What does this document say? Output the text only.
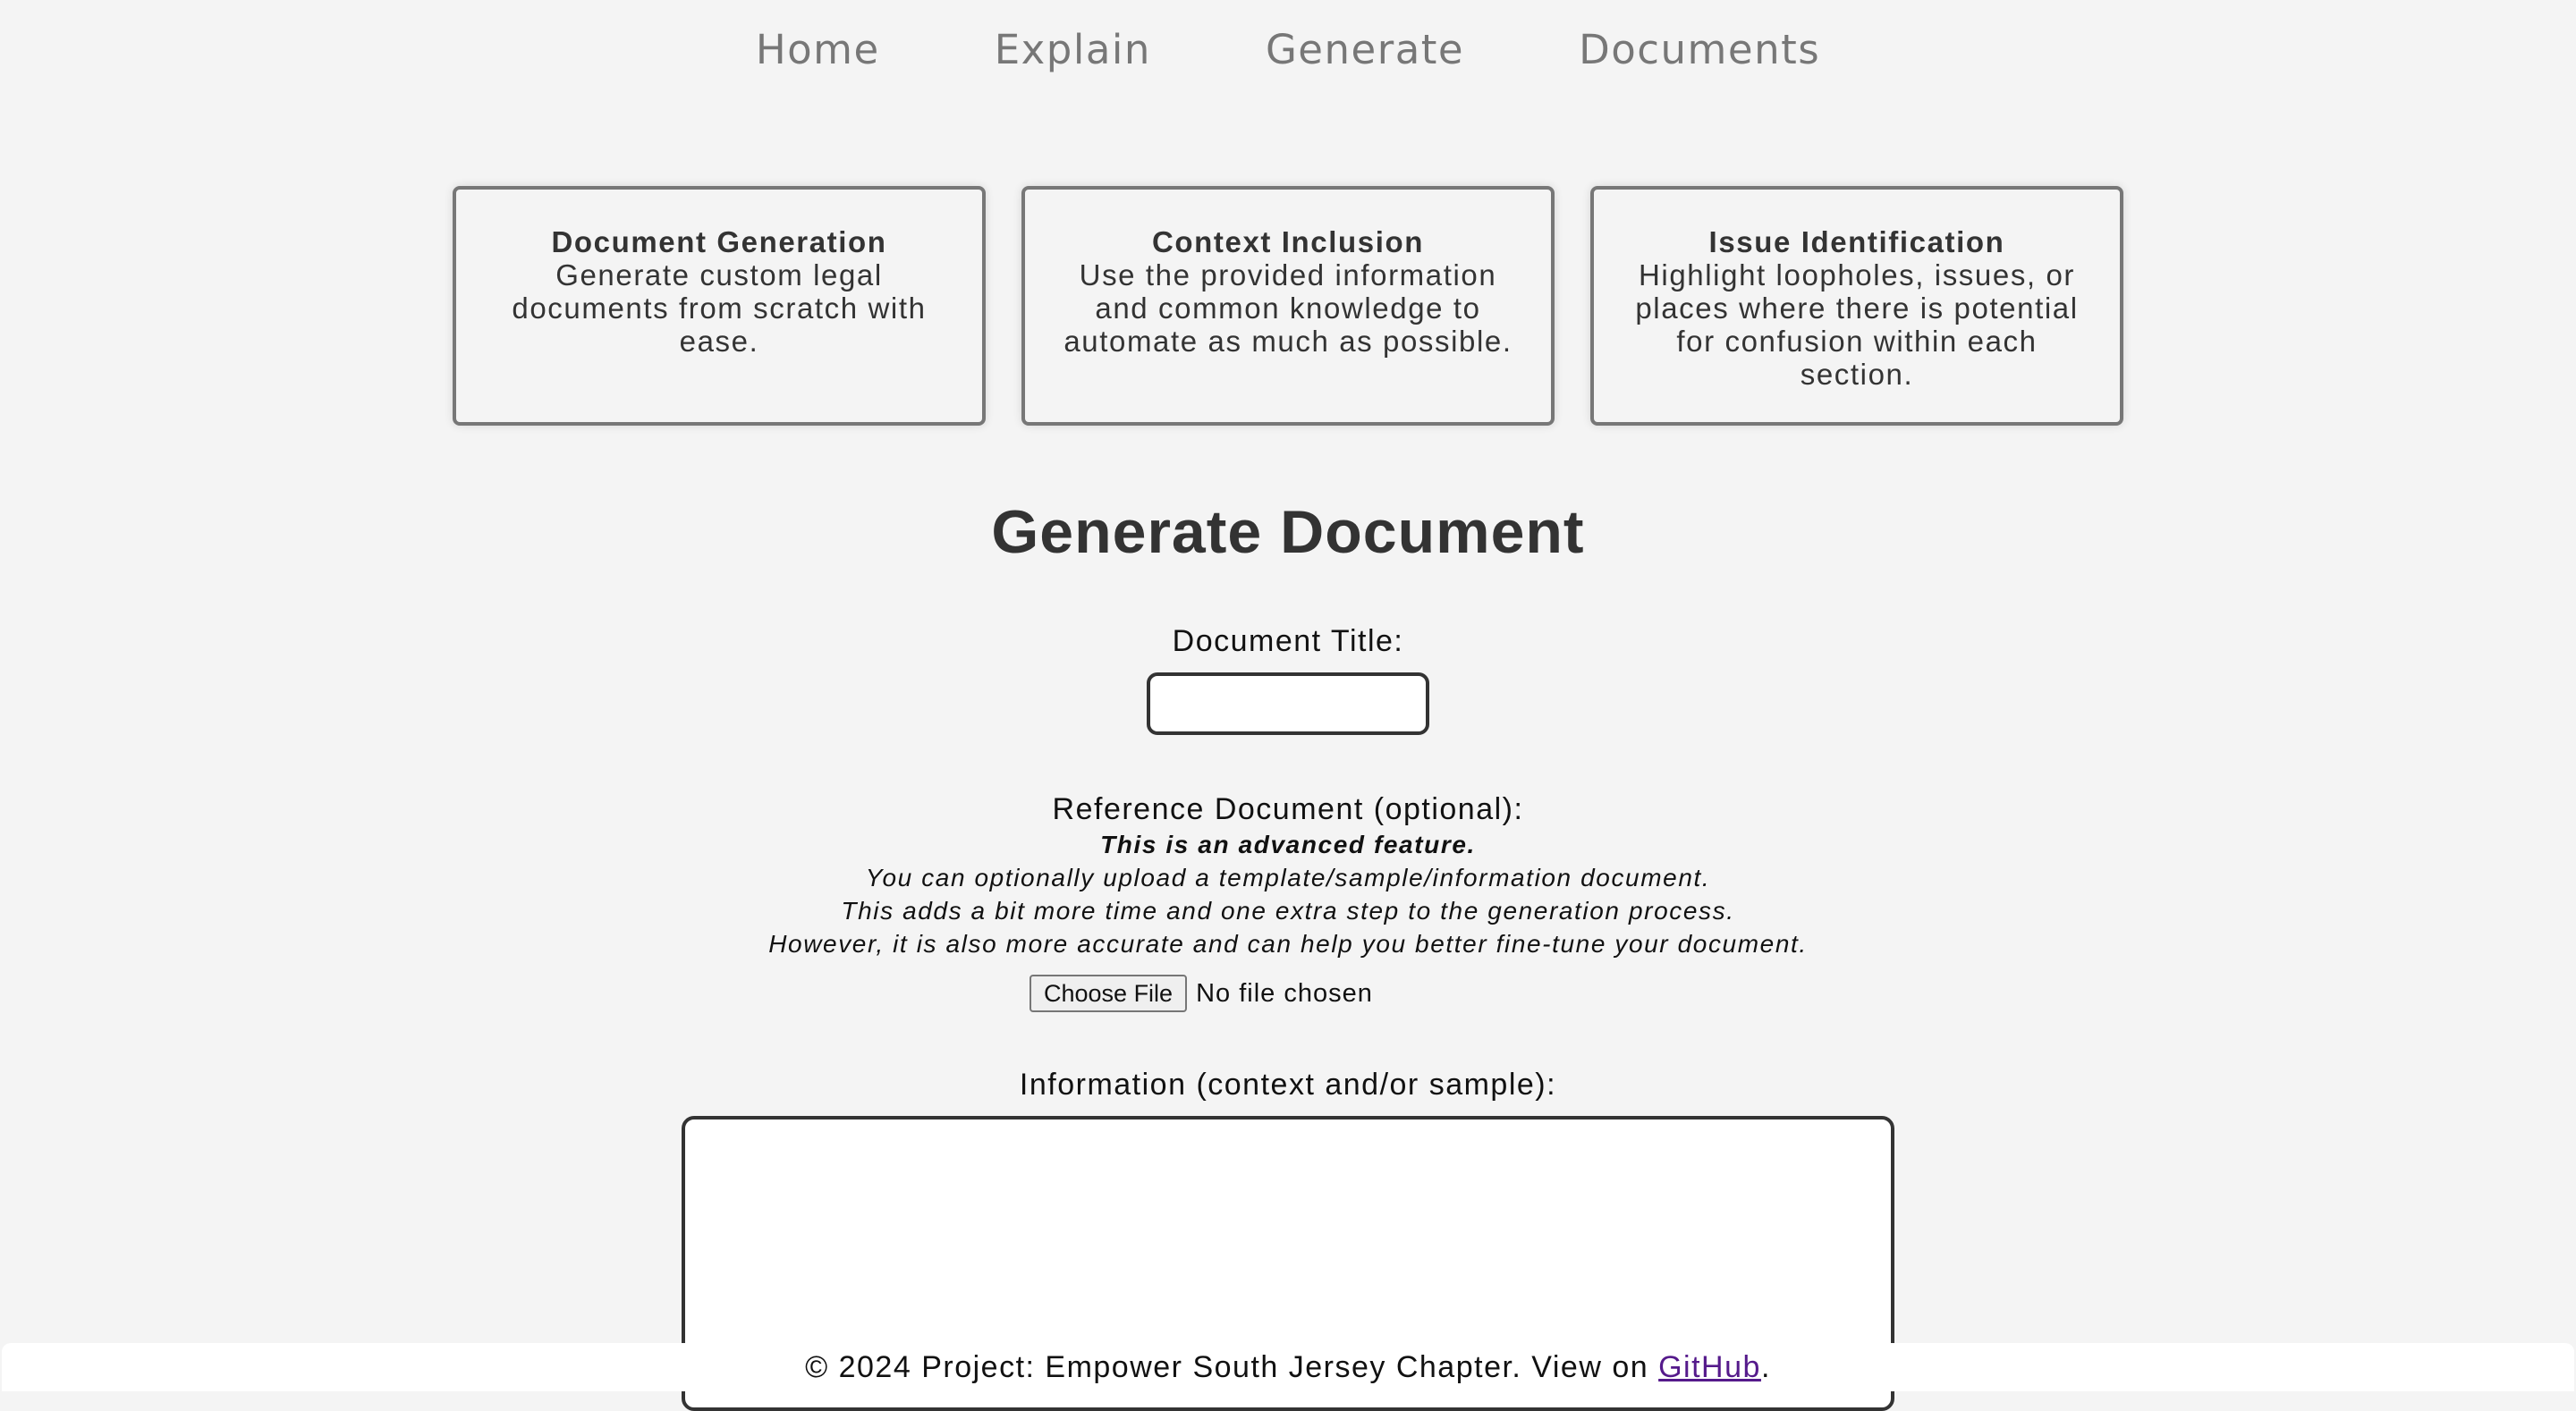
Home	Explain	Generate	Documents
Document Generation
Generate custom legal documents from scratch with ease.
Context Inclusion
Use the provided information and common knowledge to automate as much as possible.
Issue Identification
Highlight loopholes, issues, or places where there is potential for confusion within each section.
Generate Document
Document Title:
Reference Document (optional):
This is an advanced feature.
You can optionally upload a template/sample/information document.
This adds a bit more time and one extra step to the generation process.
However, it is also more accurate and can help you better fine-tune your document.
Choose File No file chosen
Information (context and/or sample):
© 2024 Project: Empower South Jersey Chapter. View on GitHub.
